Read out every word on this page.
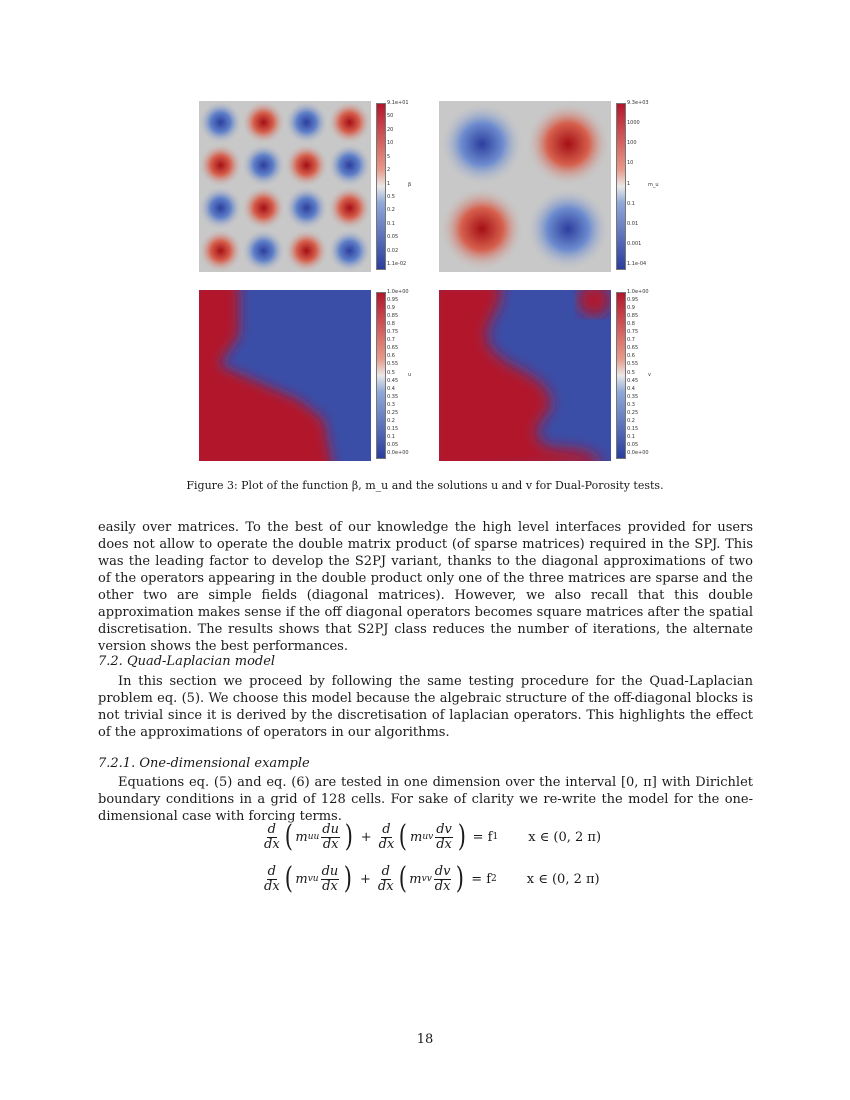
9.1e+01
50
20
10
5
2
1
0.5
0.2
0.1
0.05
0.02
1.1e-02
β
9.3e+03
1000
100
10
1
0.1
0.01
0.001
1.1e-04
m_u
1.0e+00
0.95
0.9
0.85
0.8
0.75
0.7
0.65
0.6
0.55
0.5
0.45
0.4
0.35
0.3
0.25
0.2
0.15
0.1
0.05
0.0e+00
u
1.0e+00
0.95
0.9
0.85
0.8
0.75
0.7
0.65
0.6
0.55
0.5
0.45
0.4
0.35
0.3
0.25
0.2
0.15
0.1
0.05
0.0e+00
v
Figure 3: Plot of the function β, m_u and the solutions u and v for Dual-Porosity tests.
easily over matrices. To the best of our knowledge the high level interfaces provided for users does not allow to operate the double matrix product (of sparse matrices) required in the SPJ. This was the leading factor to develop the S2PJ variant, thanks to the diagonal approximations of two of the operators appearing in the double product only one of the three matrices are sparse and the other two are simple fields (diagonal matrices). However, we also recall that this double approximation makes sense if the off diagonal operators becomes square matrices after the spatial discretisation. The results shows that S2PJ class reduces the number of iterations, the alternate version shows the best performances.
7.2. Quad-Laplacian model
In this section we proceed by following the same testing procedure for the Quad-Laplacian problem eq. (5). We choose this model because the algebraic structure of the off-diagonal blocks is not trivial since it is derived by the discretisation of laplacian operators. This highlights the effect of the approximations of operators in our algorithms.
7.2.1. One-dimensional example
Equations eq. (5) and eq. (6) are tested in one dimension over the interval [0, π] with Dirichlet boundary conditions in a grid of 128 cells. For sake of clarity we re-write the model for the one-dimensional case with forcing terms.
$\frac{d}{dx}$ ( m uu $\frac{du}{dx}$ ) + $\frac{d}{dx}$ ( m uv $\frac{dv}{dx}$ ) = f 1 x ∈ (0, 2 π)
$\frac{d}{dx}$ ( m vu $\frac{du}{dx}$ ) + $\frac{d}{dx}$ ( m vv $\frac{dv}{dx}$ ) = f 2 x ∈ (0, 2 π)
18
